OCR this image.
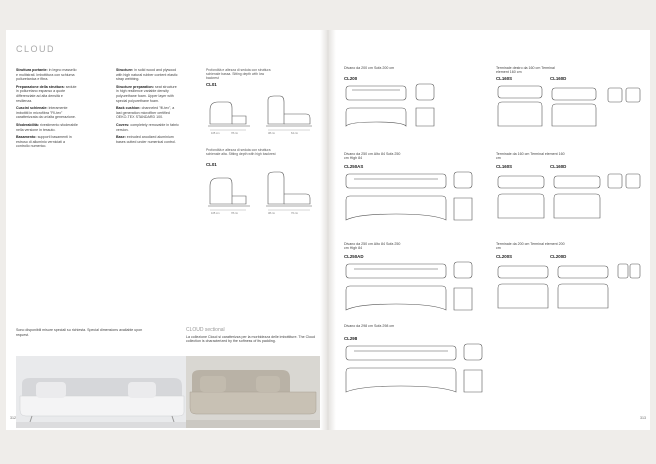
CLOUD

Struttura portante: in legno massello e multistrati. Imbottitura con schiuma poliuretanica e fibra.

Preparazione della struttura: sedute in poliuretano espanso a quote differenziate ad alta densità e resilienza.

Cuscini schienale: interamente imbottiti in microfibra "Fil-tex" caratterizzata da un'alta generazione.

Sfoderabilità: rivestimento sfoderabile nella versione in tessuto.

Basamento: supporti basamenti in estruso di alluminio verniciati a controllo numerico.

Structure: in solid wood and plywood with high natural rubber content elastic strap webbing.

Structure preparation: seat structure in high resilience variable density polyurethane foam. Upper layer with special polyurethane foam.

Back cushion: channeled "fil-tex", a last generation microfiber certified OEKO-TEX STANDARD 100.

Covers: completely removable in fabric version.

Base: extruded anodized aluminium bases cutted under numerical control.

Profondità e altezza di seduta con struttura schienale bassa. Sitting depth with low backrest
CL01
105 cm	78 cm	38 cm	64 cm
Profondità e altezza di seduta con struttura schienale alta. Sitting depth with high backrest
CL01
105 cm	78 cm	38 cm	76 cm
Sono disponibili misure speciali su richiesta. Special dimensions available upon request.
CLOUD sectional
La collezione Cloud si caratterizza per la morbidezza delle imbottiture. The Cloud collection is characterized by the softness of its padding.
312
Divano da 200 cm Sofa 200 cm
CL200
Terminale destro da 160 cm Terminal element 160 cm
CL160S	CL160D
Divano da 250 cm Alto 84 Sofa 250 cm High 84
CL250AS
Terminale da 160 cm Terminal element 160 cm
CL160S	CL160D
Divano da 250 cm Alto 84 Sofa 250 cm High 84
CL250AD
Terminale da 200 cm Terminal element 200 cm
CL200S	CL200D
Divano da 298 cm Sofa 298 cm
CL298
313
